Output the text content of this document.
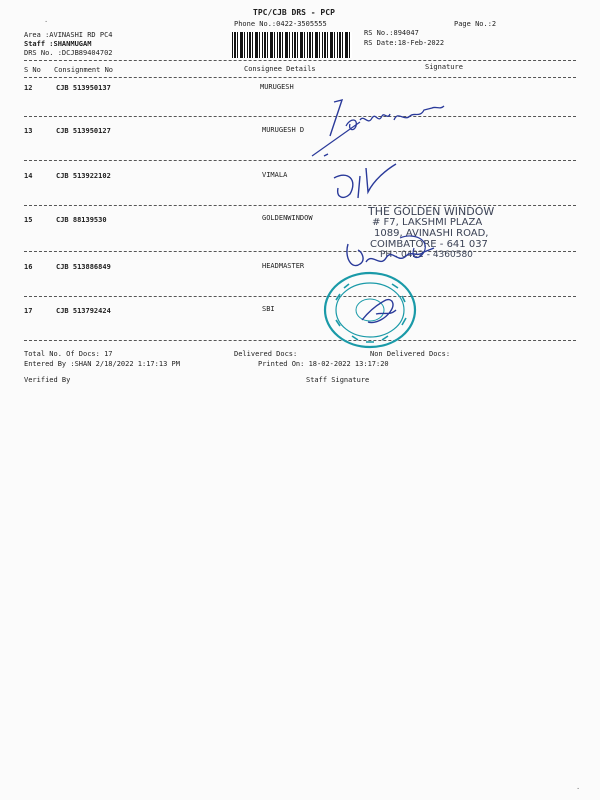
TPC/CJB DRS - PCP
Phone No.:0422-3505555	Page No.:2
RS No.:894047
RS Date:18-Feb-2022
Area :AVINASHI RD PC4
Staff :SHANMUGAM
DRS No. :DCJB89404702
S No Consignment No	Consignee Details	Signature
12	CJB 513950137	MURUGESH
13	CJB 513950127	MURUGESH D
14	CJB 513922102	VIMALA
15	CJB 88139530	GOLDENWINDOW
16	CJB 513886849	HEADMASTER
17	CJB 513792424	SBI
THE GOLDEN WINDOW
# F7, LAKSHMI PLAZA
1089, AVINASHI ROAD,
COIMBATORE - 641 037
PH : 0422 - 4360580
Total No. Of Docs: 17	Delivered Docs:	Non Delivered Docs:
Entered By :SHAN 2/18/2022 1:17:13 PM	Printed On: 18-02-2022 13:17:20
Verified By	Staff Signature
.
.
